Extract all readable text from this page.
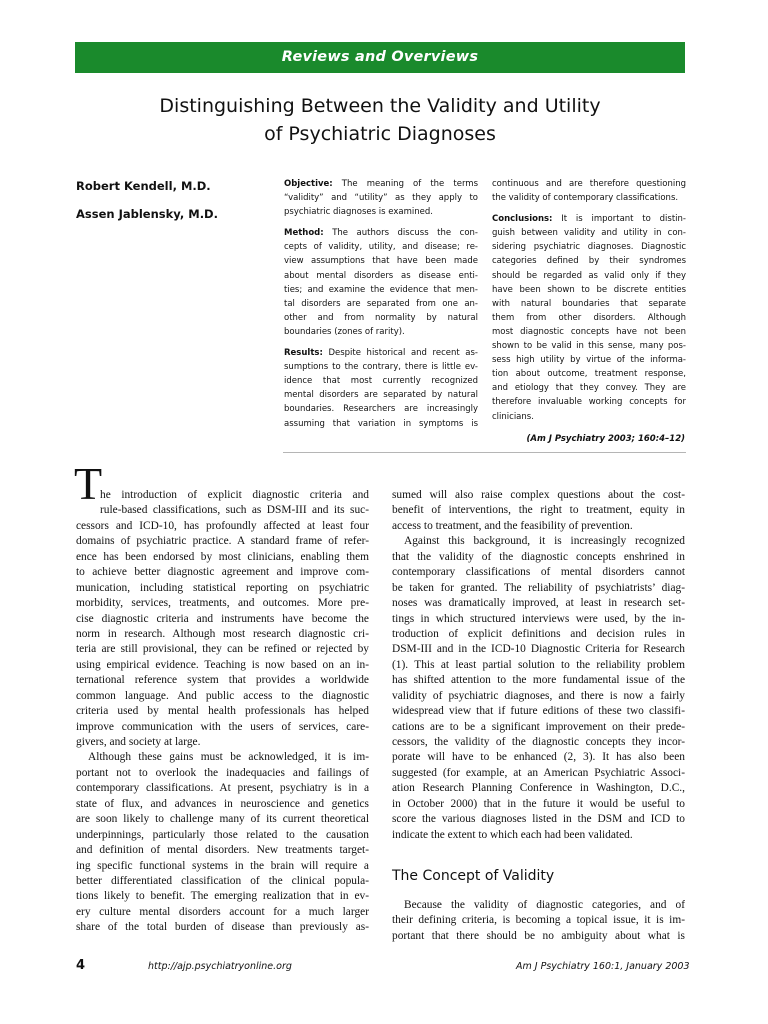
Reviews and Overviews
Distinguishing Between the Validity and Utility
of Psychiatric Diagnoses
Robert Kendell, M.D.
Assen Jablensky, M.D.
Objective: The meaning of the terms
“validity” and “utility” as they apply to
psychiatric diagnoses is examined.
Method: The authors discuss the con-
cepts of validity, utility, and disease; re-
view assumptions that have been made
about mental disorders as disease enti-
ties; and examine the evidence that men-
tal disorders are separated from one an-
other and from normality by natural
boundaries (zones of rarity).
Results: Despite historical and recent as-
sumptions to the contrary, there is little ev-
idence that most currently recognized
mental disorders are separated by natural
boundaries. Researchers are increasingly
assuming that variation in symptoms is
continuous and are therefore questioning
the validity of contemporary classifications.
Conclusions: It is important to distin-
guish between validity and utility in con-
sidering psychiatric diagnoses. Diagnostic
categories defined by their syndromes
should be regarded as valid only if they
have been shown to be discrete entities
with natural boundaries that separate
them from other disorders. Although
most diagnostic concepts have not been
shown to be valid in this sense, many pos-
sess high utility by virtue of the informa-
tion about outcome, treatment response,
and etiology that they convey. They are
therefore invaluable working concepts for
clinicians.
(Am J Psychiatry 2003; 160:4–12)
T
he introduction of explicit diagnostic criteria and
rule-based classifications, such as DSM-III and its suc-
cessors and ICD-10, has profoundly affected at least four
domains of psychiatric practice. A standard frame of refer-
ence has been endorsed by most clinicians, enabling them
to achieve better diagnostic agreement and improve com-
munication, including statistical reporting on psychiatric
morbidity, services, treatments, and outcomes. More pre-
cise diagnostic criteria and instruments have become the
norm in research. Although most research diagnostic cri-
teria are still provisional, they can be refined or rejected by
using empirical evidence. Teaching is now based on an in-
ternational reference system that provides a worldwide
common language. And public access to the diagnostic
criteria used by mental health professionals has helped
improve communication with the users of services, care-
givers, and society at large.
Although these gains must be acknowledged, it is im-
portant not to overlook the inadequacies and failings of
contemporary classifications. At present, psychiatry is in a
state of flux, and advances in neuroscience and genetics
are soon likely to challenge many of its current theoretical
underpinnings, particularly those related to the causation
and definition of mental disorders. New treatments target-
ing specific functional systems in the brain will require a
better differentiated classification of the clinical popula-
tions likely to benefit. The emerging realization that in ev-
ery culture mental disorders account for a much larger
share of the total burden of disease than previously as-
sumed will also raise complex questions about the cost-
benefit of interventions, the right to treatment, equity in
access to treatment, and the feasibility of prevention.
Against this background, it is increasingly recognized
that the validity of the diagnostic concepts enshrined in
contemporary classifications of mental disorders cannot
be taken for granted. The reliability of psychiatrists’ diag-
noses was dramatically improved, at least in research set-
tings in which structured interviews were used, by the in-
troduction of explicit definitions and decision rules in
DSM-III and in the ICD-10 Diagnostic Criteria for Research
(1). This at least partial solution to the reliability problem
has shifted attention to the more fundamental issue of the
validity of psychiatric diagnoses, and there is now a fairly
widespread view that if future editions of these two classifi-
cations are to be a significant improvement on their prede-
cessors, the validity of the diagnostic concepts they incor-
porate will have to be enhanced (2, 3). It has also been
suggested (for example, at an American Psychiatric Associ-
ation Research Planning Conference in Washington, D.C.,
in October 2000) that in the future it would be useful to
score the various diagnoses listed in the DSM and ICD to
indicate the extent to which each had been validated.
The Concept of Validity
Because the validity of diagnostic categories, and of
their defining criteria, is becoming a topical issue, it is im-
portant that there should be no ambiguity about what is
4	http://ajp.psychiatryonline.org	Am J Psychiatry 160:1, January 2003
